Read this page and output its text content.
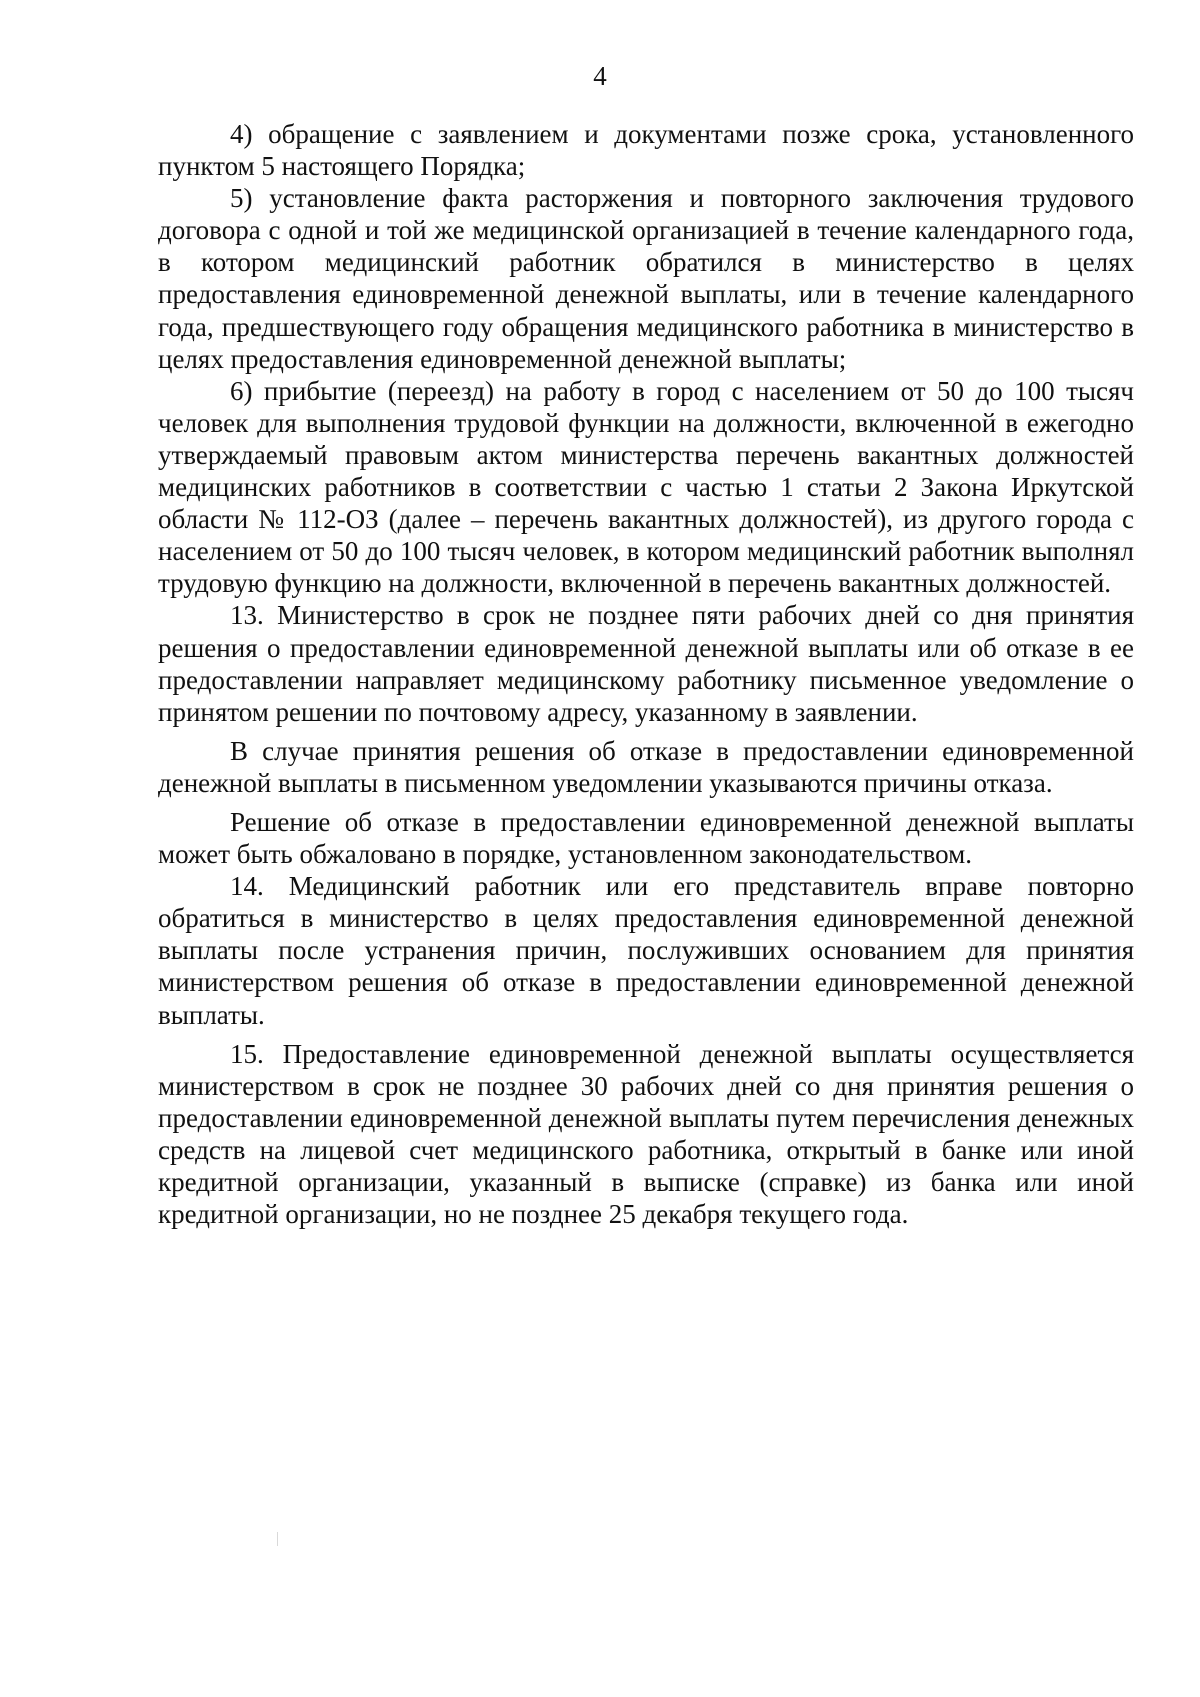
4

4) обращение с заявлением и документами позже срока, установленного пунктом 5 настоящего Порядка;

5) установление факта расторжения и повторного заключения трудового договора с одной и той же медицинской организацией в течение календарного года, в котором медицинский работник обратился в министерство в целях предоставления единовременной денежной выплаты, или в течение календарного года, предшествующего году обращения медицинского работника в министерство в целях предоставления единовременной денежной выплаты;

6) прибытие (переезд) на работу в город с населением от 50 до 100 тысяч человек для выполнения трудовой функции на должности, включенной в ежегодно утверждаемый правовым актом министерства перечень вакантных должностей медицинских работников в соответствии с частью 1 статьи 2 Закона Иркутской области № 112-ОЗ (далее – перечень вакантных должностей), из другого города с населением от 50 до 100 тысяч человек, в котором медицинский работник выполнял трудовую функцию на должности, включенной в перечень вакантных должностей.

13. Министерство в срок не позднее пяти рабочих дней со дня принятия решения о предоставлении единовременной денежной выплаты или об отказе в ее предоставлении направляет медицинскому работнику письменное уведомление о принятом решении по почтовому адресу, указанному в заявлении.

В случае принятия решения об отказе в предоставлении единовременной денежной выплаты в письменном уведомлении указываются причины отказа.

Решение об отказе в предоставлении единовременной денежной выплаты может быть обжаловано в порядке, установленном законодательством.

14. Медицинский работник или его представитель вправе повторно обратиться в министерство в целях предоставления единовременной денежной выплаты после устранения причин, послуживших основанием для принятия министерством решения об отказе в предоставлении единовременной денежной выплаты.

15. Предоставление единовременной денежной выплаты осуществляется министерством в срок не позднее 30 рабочих дней со дня принятия решения о предоставлении единовременной денежной выплаты путем перечисления денежных средств на лицевой счет медицинского работника, открытый в банке или иной кредитной организации, указанный в выписке (справке) из банка или иной кредитной организации, но не позднее 25 декабря текущего года.
